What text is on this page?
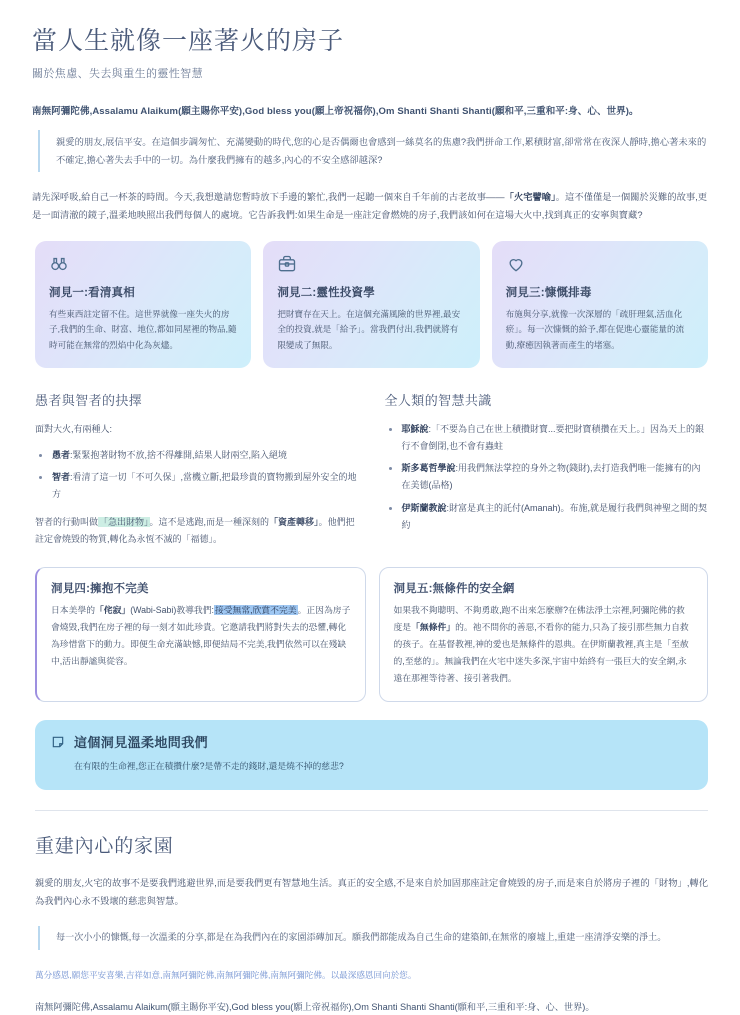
當人生就像一座著火的房子
關於焦慮、失去與重生的靈性智慧
南無阿彌陀佛,Assalamu Alaikum(願主賜你平安),God bless you(願上帝祝福你),Om Shanti Shanti Shanti(願和平,三重和平:身、心、世界)。

親愛的朋友,展信平安。在這個步調匆忙、充滿變動的時代,您的心是否偶爾也會感到一絲莫名的焦慮?我們拼命工作,累積財富,卻常常在夜深人靜時,擔心著未來的不確定,擔心著失去手中的一切。為什麼我們擁有的越多,內心的不安全感卻越深?

請先深呼吸,給自己一杯茶的時間。今天,我想邀請您暫時放下手邊的繁忙,我們一起聽一個來自千年前的古老故事——「火宅譬喻」。這不僅僅是一個關於災難的故事,更是一面清澈的鏡子,溫柔地映照出我們每個人的處境。它告訴我們:如果生命是一座註定會燃燒的房子,我們該如何在這場大火中,找到真正的安寧與寶藏?

洞見一:看清真相

有些東西註定留不住。這世界就像一座失火的房子,我們的生命、財富、地位,都如同屋裡的物品,隨時可能在無常的烈焰中化為灰燼。

洞見二:靈性投資學

把財寶存在天上。在這個充滿風險的世界裡,最安全的投資,就是「給予」。當我們付出,我們就將有限變成了無限。

洞見三:慷慨排毒

布施與分享,就像一次深層的「疏肝理氣,活血化瘀」。每一次慷慨的給予,都在促進心靈能量的流動,療癒因執著而產生的堵塞。

愚者與智者的抉擇

面對大火,有兩種人:

愚者:緊緊抱著財物不放,捨不得離開,結果人財兩空,陷入絕境
智者:看清了這一切「不可久保」,當機立斷,把最珍貴的寶物搬到屋外安全的地方

智者的行動叫做「急出財物」。這不是逃跑,而是一種深刻的「資產轉移」。他們把註定會燒毀的物質,轉化為永恆不滅的「福德」。

全人類的智慧共識
耶穌說:「不要為自己在世上積攢財寶...要把財寶積攢在天上。」因為天上的銀行不會倒閉,也不會有蟲蛀
斯多葛哲學說:用我們無法掌控的身外之物(錢財),去打造我們唯一能擁有的內在美德(品格)
伊斯蘭教說:財富是真主的託付(Amanah)。布施,就是履行我們與神聖之間的契約
洞見四:擁抱不完美

日本美學的「侘寂」(Wabi-Sabi)教導我們:接受無常,欣賞不完美。正因為房子會燒毀,我們在房子裡的每一刻才如此珍貴。它邀請我們將對失去的恐懼,轉化為珍惜當下的動力。即便生命充滿缺憾,即便結局不完美,我們依然可以在殘缺中,活出靜謐與從容。

洞見五:無條件的安全網

如果我不夠聰明、不夠勇敢,跑不出來怎麼辦?在佛法淨土宗裡,阿彌陀佛的救度是「無條件」的。祂不問你的善惡,不看你的能力,只為了接引那些無力自救的孩子。在基督教裡,神的愛也是無條件的恩典。在伊斯蘭教裡,真主是「至赦的,至慈的」。無論我們在火宅中迷失多深,宇宙中始終有一張巨大的安全網,永遠在那裡等待著、接引著我們。

這個洞見溫柔地問我們

在有限的生命裡,您正在積攢什麼?是帶不走的錢財,還是燒不掉的慈悲?

重建內心的家園

親愛的朋友,火宅的故事不是要我們逃避世界,而是要我們更有智慧地生活。真正的安全感,不是來自於加固那座註定會燒毀的房子,而是來自於將房子裡的「財物」,轉化為我們內心永不毀壞的慈悲與智慧。

每一次小小的慷慨,每一次溫柔的分享,都是在為我們內在的家園添磚加瓦。願我們都能成為自己生命的建築師,在無常的廢墟上,重建一座清淨安樂的淨土。

萬分感恩,願您平安喜樂,吉祥如意,南無阿彌陀佛,南無阿彌陀佛,南無阿彌陀佛。以最深感恩回向於您。

南無阿彌陀佛,Assalamu Alaikum(願主賜你平安),God bless you(願上帝祝福你),Om Shanti Shanti Shanti(願和平,三重和平:身、心、世界)。
